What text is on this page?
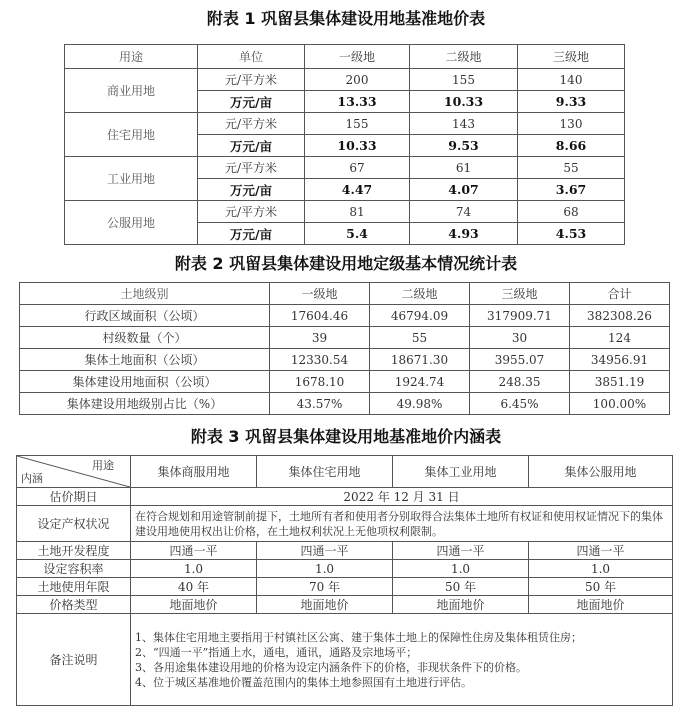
附表 1 巩留县集体建设用地基准地价表
用途	单位	一级地	二级地	三级地
商业用地	元/平方米	200	155	140
	万元/亩	13.33	10.33	9.33
住宅用地	元/平方米	155	143	130
	万元/亩	10.33	9.53	8.66
工业用地	元/平方米	67	61	55
	万元/亩	4.47	4.07	3.67
公服用地	元/平方米	81	74	68
	万元/亩	5.4	4.93	4.53
附表 2 巩留县集体建设用地定级基本情况统计表
土地级别	一级地	二级地	三级地	合计
行政区域面积（公顷）	17604.46	46794.09	317909.71	382308.26
村级数量（个）	39	55	30	124
集体土地面积（公顷）	12330.54	18671.30	3955.07	34956.91
集体建设用地面积（公顷）	1678.10	1924.74	248.35	3851.19
集体建设用地级别占比（%）	43.57%	49.98%	6.45%	100.00%
附表 3 巩留县集体建设用地基准地价内涵表
用途
内涵	集体商服用地	集体住宅用地	集体工业用地	集体公服用地
估价期日	2022 年 12 月 31 日			
设定产权状况	在符合规划和用途管制前提下，土地所有者和使用者分别取得合法集体土地所有权证和使用权证情况下的集体建设用地使用权出让价格，在土地权利状况上无他项权利限制。			
土地开发程度	四通一平	四通一平	四通一平	四通一平
设定容积率	1.0	1.0	1.0	1.0
土地使用年限	40 年	70 年	50 年	50 年
价格类型	地面地价	地面地价	地面地价	地面地价
备注说明	1、集体住宅用地主要指用于村镇社区公寓、建于集体土地上的保障性住房及集体租赁住房；
2、“四通一平”指通上水，通电，通讯，通路及宗地场平；
3、各用途集体建设用地的价格为设定内涵条件下的价格，非现状条件下的价格。
4、位于城区基准地价覆盖范围内的集体土地参照国有土地进行评估。			
